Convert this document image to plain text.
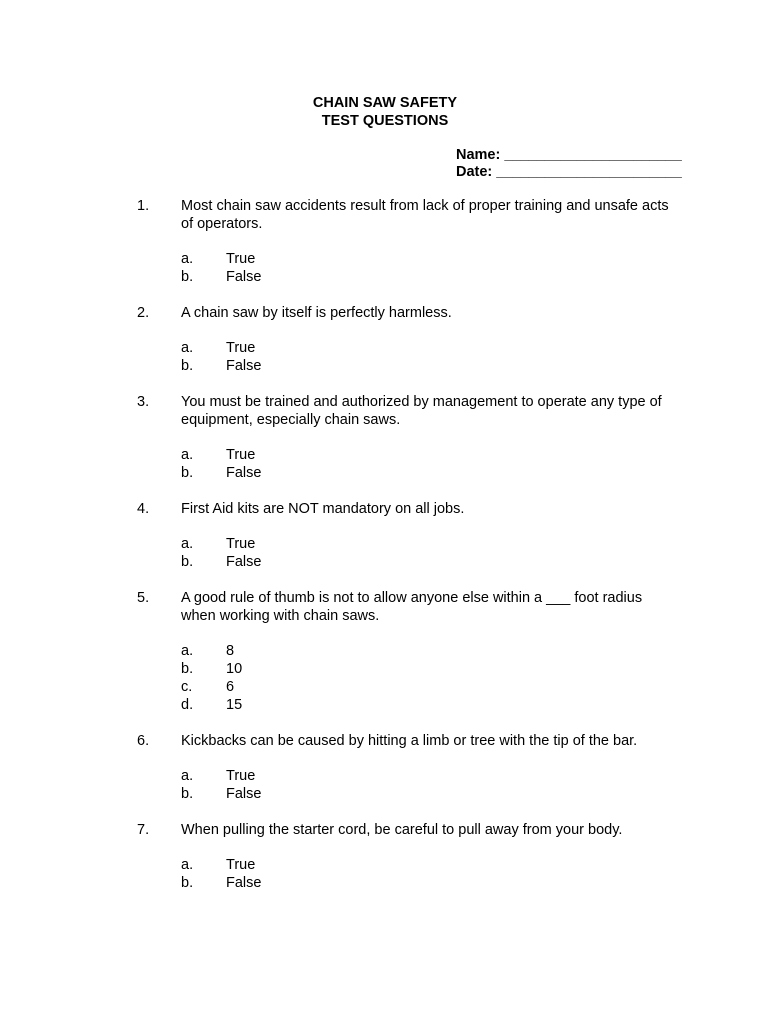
CHAIN SAW SAFETY
TEST QUESTIONS
Name: ______________________
Date: _______________________
1. Most chain saw accidents result from lack of proper training and unsafe acts of operators.
a. True
b. False
2. A chain saw by itself is perfectly harmless.
a. True
b. False
3. You must be trained and authorized by management to operate any type of equipment, especially chain saws.
a. True
b. False
4. First Aid kits are NOT mandatory on all jobs.
a. True
b. False
5. A good rule of thumb is not to allow anyone else within a ___ foot radius when working with chain saws.
a. 8
b. 10
c. 6
d. 15
6. Kickbacks can be caused by hitting a limb or tree with the tip of the bar.
a. True
b. False
7. When pulling the starter cord, be careful to pull away from your body.
a. True
b. False
